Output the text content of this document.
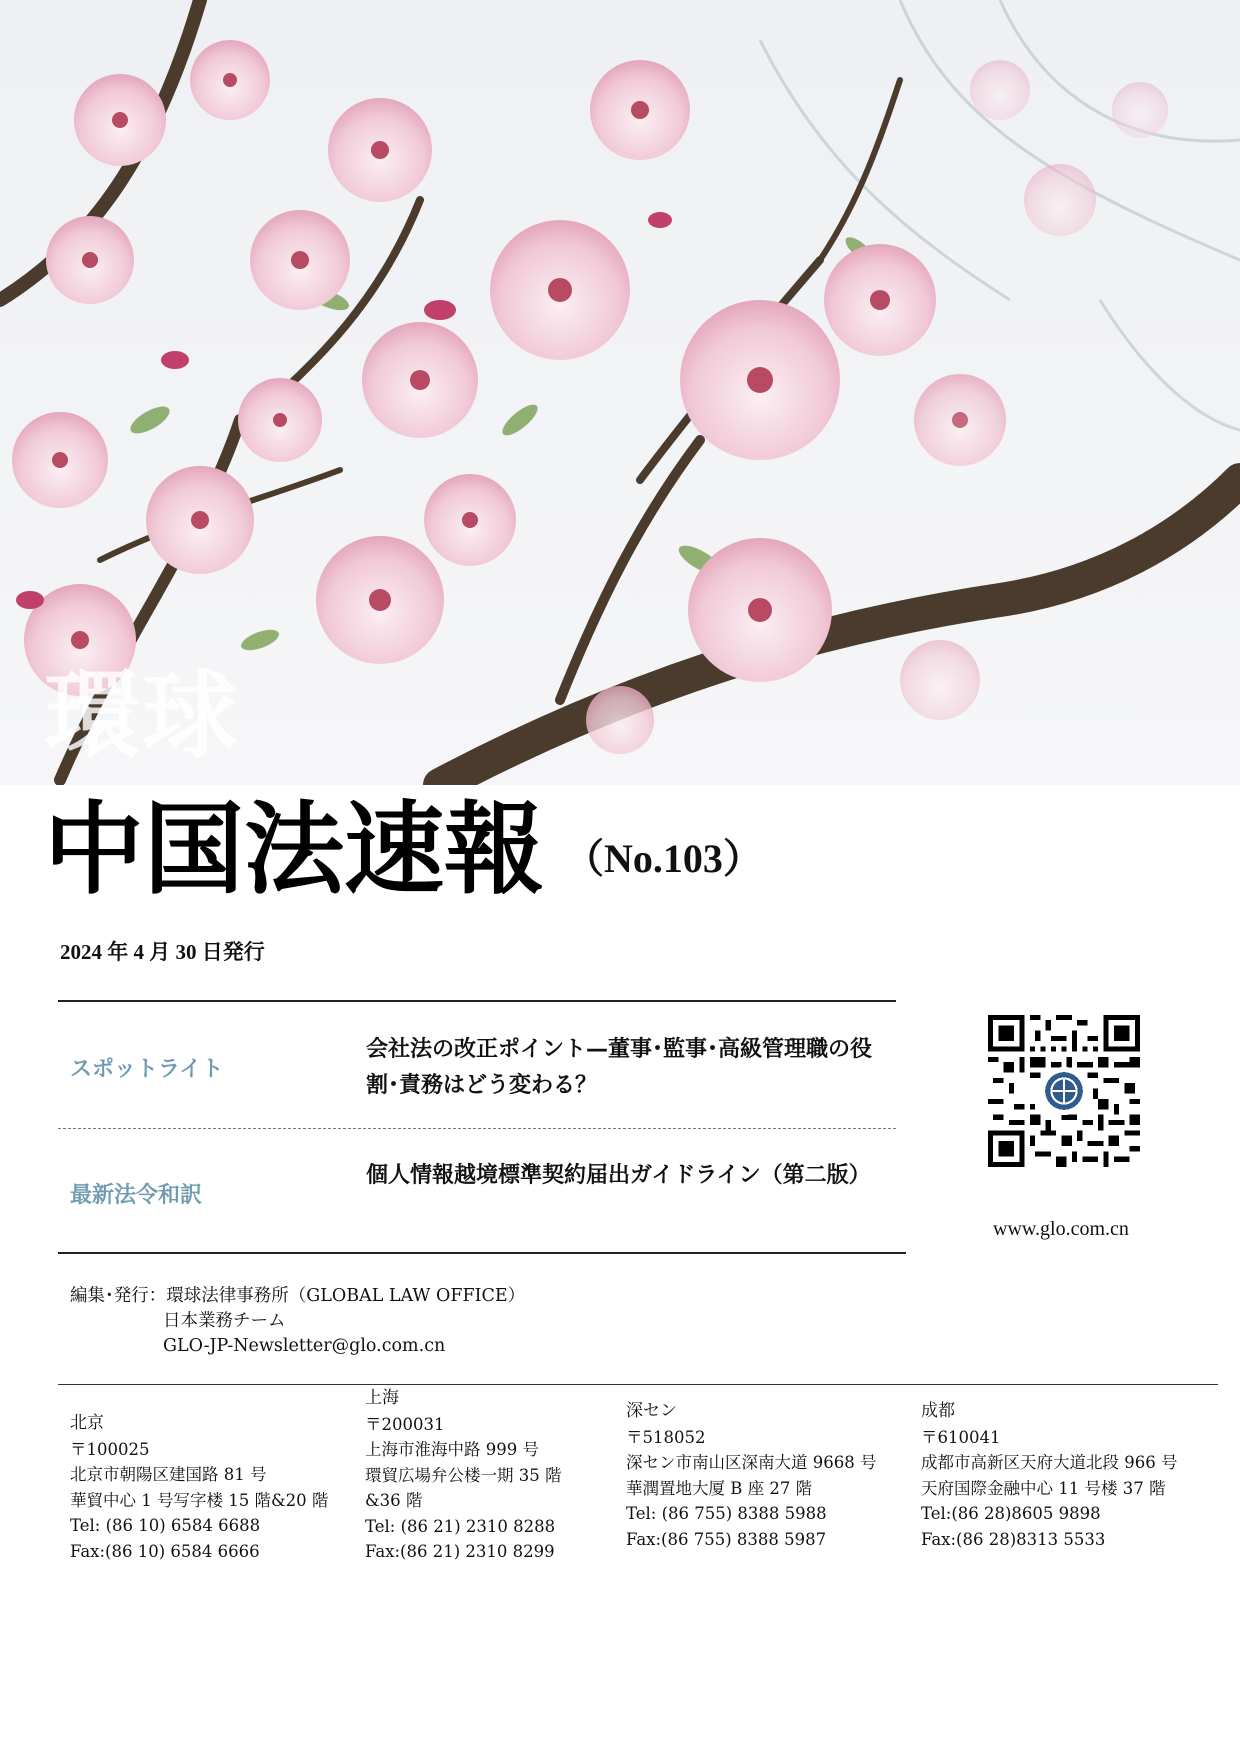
環球
中国法速報 （No.103）
2024 年 4 月 30 日発行
スポットライト
会社法の改正ポイント—董事･監事･高級管理職の役割･責務はどう変わる？
最新法令和訳
個人情報越境標準契約届出ガイドライン（第二版）
www.glo.com.cn
編集･発行：環球法律事務所（GLOBAL LAW OFFICE）
日本業務チーム
GLO-JP-Newsletter@glo.com.cn
北京
〒100025
北京市朝陽区建国路 81 号
華貿中心 1 号写字楼 15 階&20 階
Tel: (86 10) 6584 6688
Fax:(86 10) 6584 6666
上海
〒200031
上海市淮海中路 999 号
環貿広場弁公楼一期 35 階
&36 階
Tel: (86 21) 2310 8288
Fax:(86 21) 2310 8299
深セン
〒518052
深セン市南山区深南大道 9668 号
華潤置地大厦 B 座 27 階
Tel: (86 755) 8388 5988
Fax:(86 755) 8388 5987
成都
〒610041
成都市高新区天府大道北段 966 号
天府国際金融中心 11 号楼 37 階
Tel:(86 28)8605 9898
Fax:(86 28)8313 5533
